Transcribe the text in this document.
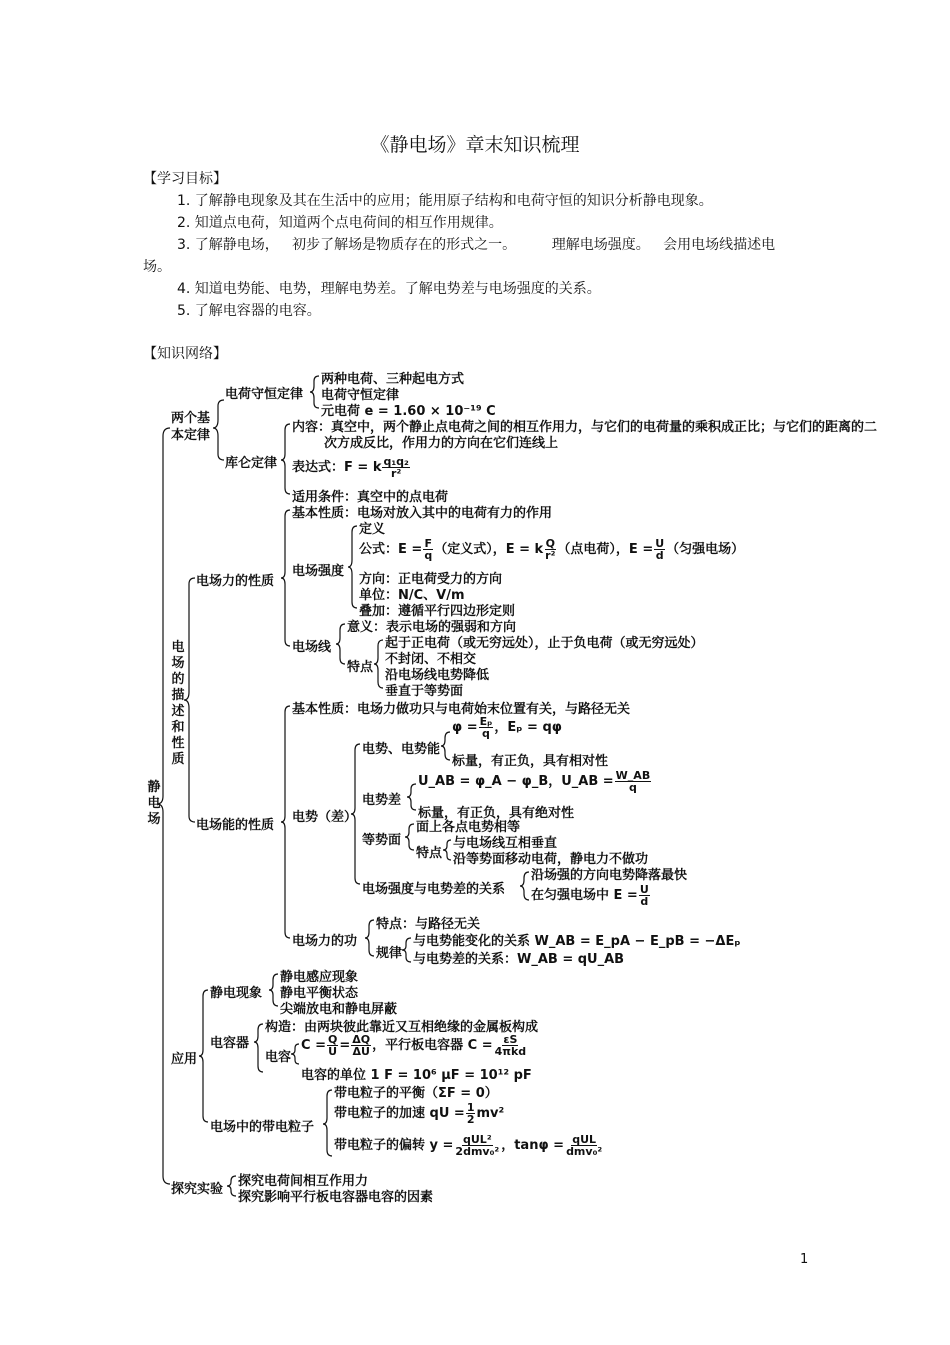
《静电场》章末知识梳理
【学习目标】
1. 了解静电现象及其在生活中的应用；能用原子结构和电荷守恒的知识分析静电现象。
2. 知道点电荷，知道两个点电荷间的相互作用规律。
3. 了解静电场，   初步了解场是物质存在的形式之一。        理解电场强度。   会用电场线描述电
场。
4. 知道电势能、电势，理解电势差。了解电势差与电场强度的关系。
5. 了解电容器的电容。
【知识网络】
静电场
两个基本定律
电荷守恒定律
两种电荷、三种起电方式
电荷守恒定律
元电荷 e = 1.60 × 10⁻¹⁹ C
库仑定律
内容：真空中，两个静止点电荷之间的相互作用力，与它们的电荷量的乘积成正比；与它们的距离的二
次方成反比，作用力的方向在它们连线上
表达式：F = k $\frac{\text{q₁q₂}}{\text{r²}}$
适用条件：真空中的点电荷
电场的描述和性质
电场力的性质
基本性质：电场对放入其中的电荷有力的作用
电场强度
定义
公式：$E = \frac{F}{q}$ （定义式），E = k $\frac{Q}{\text{r²}}$ （点电荷），$E = \frac{U}{d}$ （匀强电场）
方向：正电荷受力的方向
单位：N/C、V/m
叠加：遵循平行四边形定则
电场线
意义：表示电场的强弱和方向
特点
起于正电荷（或无穷远处），止于负电荷（或无穷远处）
不封闭、不相交
沿电场线电势降低
垂直于等势面
电场能的性质
基本性质：电场力做功只与电荷始末位置有关，与路径无关
电势（差）
电势、电势能
$\varphi = \frac{\text{Eₚ}}{q}$ ，Eₚ = qφ
标量，有正负，具有相对性
电势差
U_AB = φ_A − φ_B，U_AB = $\frac{W\_AB}{q}$
标量，有正负，具有绝对性
等势面
面上各点电势相等
特点
与电场线互相垂直
沿等势面移动电荷，静电力不做功
电场强度与电势差的关系
沿场强的方向电势降落最快
在匀强电场中 $E = \frac{U}{d}$
电场力的功
特点：与路径无关
规律
与电势能变化的关系 W_AB = E_pA − E_pB = −ΔEₚ
与电势差的关系：W_AB = qU_AB
应用
静电现象
静电感应现象
静电平衡状态
尖端放电和静电屏蔽
电容器
构造：由两块彼此靠近又互相绝缘的金属板构成
电容
$C = \frac{Q}{U} = \frac{\Delta Q}{\Delta U}$ ，平行板电容器 $C = \frac{\varepsilon S}{\text{4πkd}}$
电容的单位 1 F = 10⁶ μF = 10¹² pF
电场中的带电粒子
带电粒子的平衡（ΣF = 0）
带电粒子的加速 qU = $\frac{1}{2} mv^2$
带电粒子的偏转 $y = \frac{\text{qUL²}}{\text{2dmv₀²}}$ ，$\tan\varphi = \frac{\text{qUL}}{\text{dmv₀²}}$
探究实验
探究电荷间相互作用力
探究影响平行板电容器电容的因素
1
